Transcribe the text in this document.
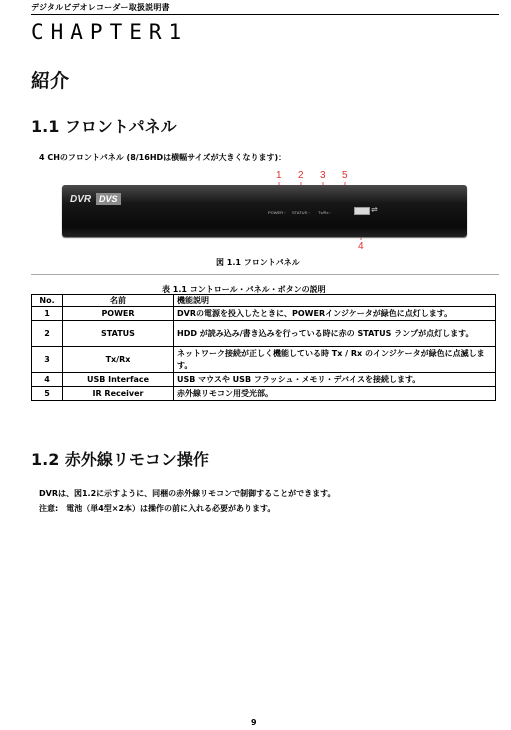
デジタルビデオレコーダー取扱説明書
CHAPTER1
紹介
1.1 フロントパネル
4 CHのフロントパネル (8/16HDは横幅サイズが大きくなります)：
1 2 3 5
4
DVR DVS
POWER ◦ STATUS ◦ Tx/Rx ◦	⇌
図 1.1 フロントパネル
表 1.1 コントロール・パネル・ボタンの説明
No.	名前	機能説明
1	POWER	DVRの電源を投入したときに、POWERインジケータが緑色に点灯します。
2	STATUS	HDD が読み込み/書き込みを行っている時に赤の STATUS ランプが点灯します。
3	Tx/Rx	ネットワーク接続が正しく機能している時 Tx / Rx のインジケータが緑色に点滅します。
4	USB Interface	USB マウスや USB フラッシュ・メモリ・デバイスを接続します。
5	IR Receiver	赤外線リモコン用受光部。
1.2 赤外線リモコン操作
DVRは、図1.2に示すように、同梱の赤外線リモコンで制御することができます。
注意:　電池（単4型×2本）は操作の前に入れる必要があります。
9
